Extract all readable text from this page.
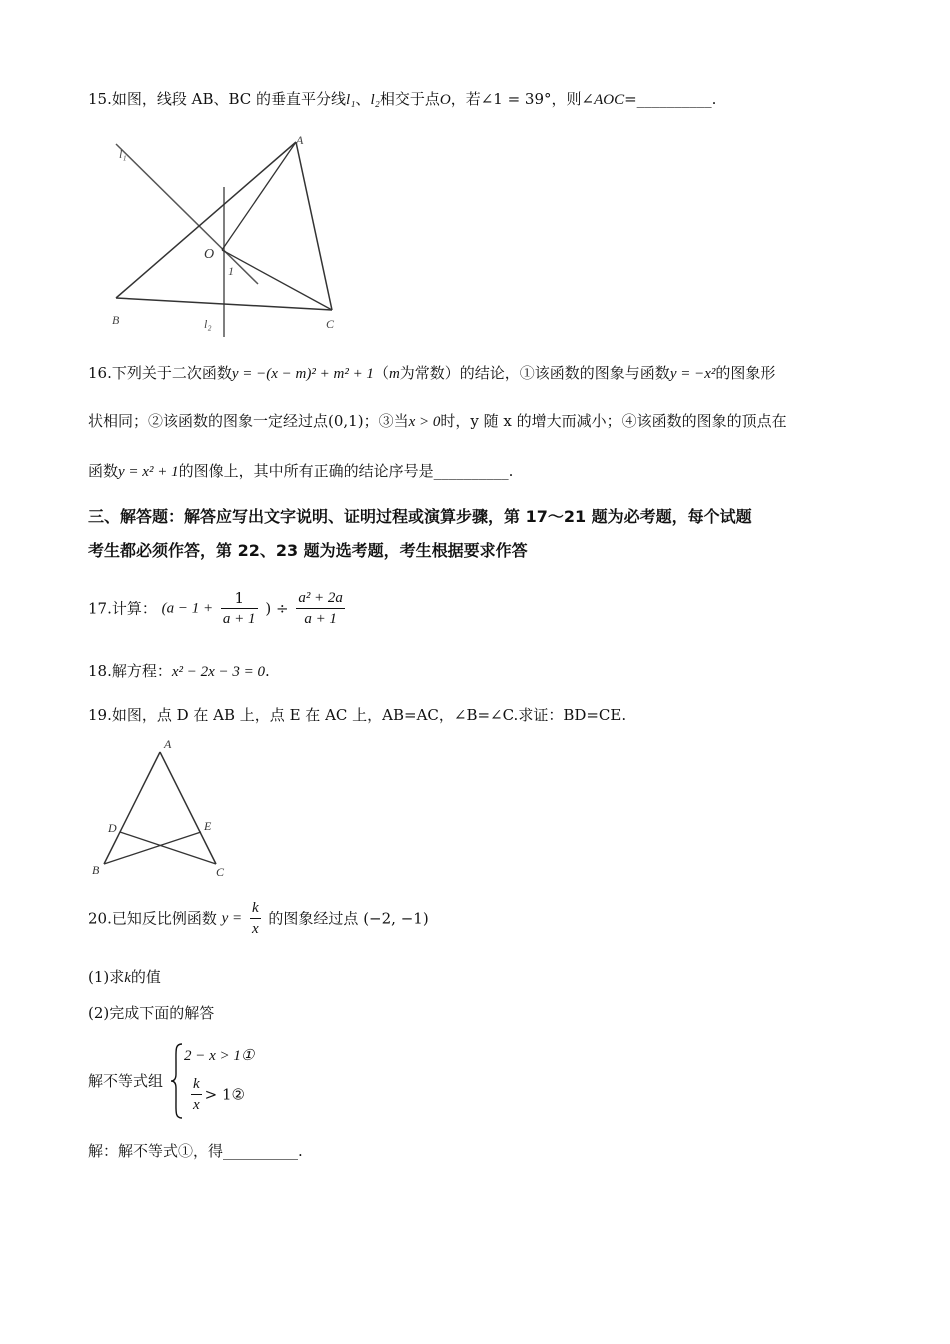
15.如图，线段 AB、BC 的垂直平分线l₁、l₂相交于点O，若∠1 = 39°，则∠AOC=__________.
l₁
A
O
1
B	l₂	C
16.下列关于二次函数y = −(x − m)² + m² + 1（m为常数）的结论，①该函数的图象与函数y = −x²的图象形
状相同；②该函数的图象一定经过点(0,1)；③当x > 0时，y 随 x 的增大而减小；④该函数的图象的顶点在
函数y = x² + 1的图像上，其中所有正确的结论序号是__________.
三、解答题：解答应写出文字说明、证明过程或演算步骤，第 17～21 题为必考题，每个试题
考生都必须作答，第 22、23 题为选考题，考生根据要求作答
17.计算： ($a - 1 + \frac{1}{a + 1}$ ) ÷ $\frac{\text{a² + 2a}}{a + 1}$
18.解方程：x² − 2x − 3 = 0.
19.如图，点 D 在 AB 上，点 E 在 AC 上，AB=AC，∠B=∠C.求证：BD=CE.
A
D	E
B	C
20.已知反比例函数 $y = \frac{k}{x}$ 的图象经过点 (−2, −1)
(1)求k的值
(2)完成下面的解答
解不等式组
2 − x > 1①
$\frac{k}{x}$ > 1②
解：解不等式①，得__________.
